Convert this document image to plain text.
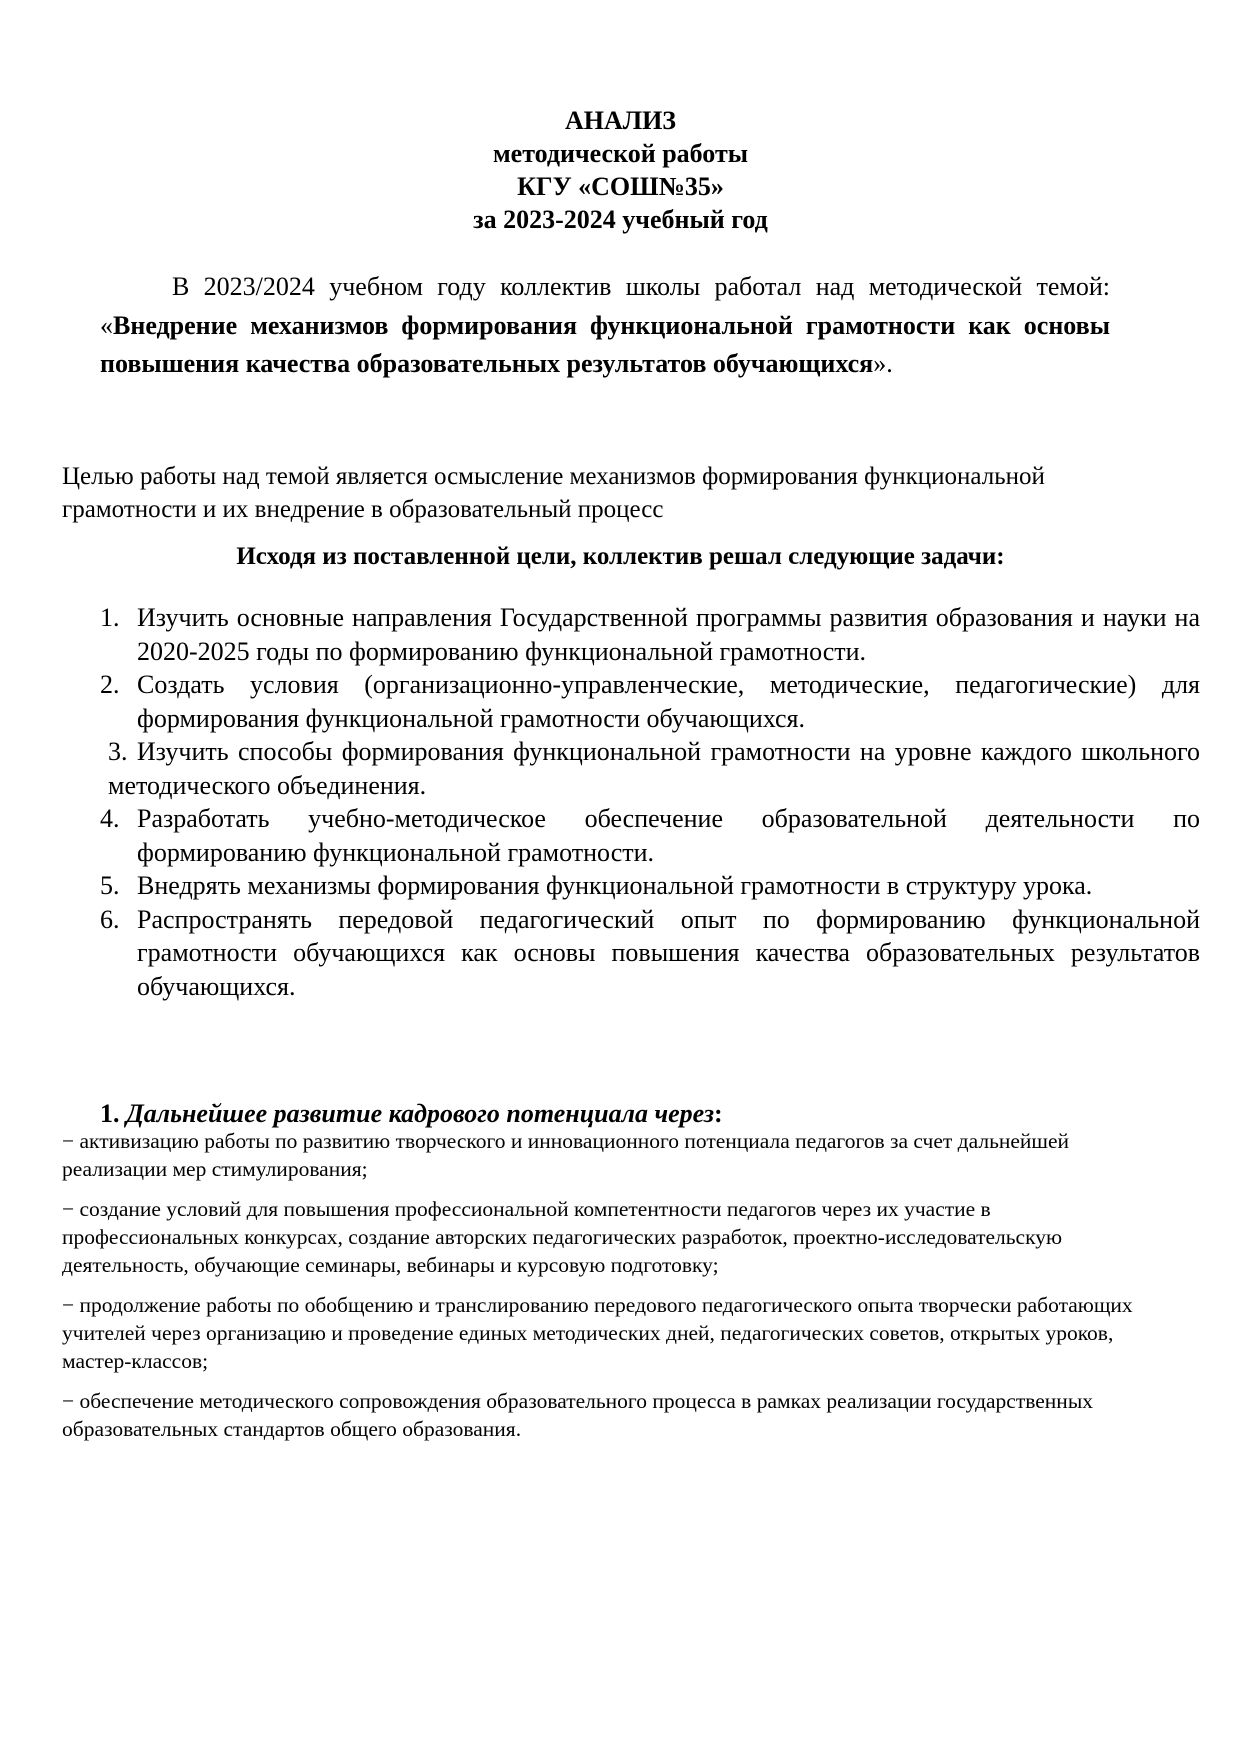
АНАЛИЗ
методической работы
КГУ «СОШ№35»
за 2023-2024 учебный год
В 2023/2024 учебном году коллектив школы работал над методической темой: «Внедрение механизмов формирования функциональной грамотности как основы повышения качества образовательных результатов обучающихся».
Целью работы над темой является осмысление механизмов формирования функциональной грамотности и их внедрение в образовательный процесс
Исходя из поставленной цели, коллектив решал следующие задачи:
1. Изучить основные направления Государственной программы развития образования и науки на 2020-2025 годы по формированию функциональной грамотности.
2. Создать условия (организационно-управленческие, методические, педагогические) для формирования функциональной грамотности обучающихся.
3. Изучить способы формирования функциональной грамотности на уровне каждого школьного методического объединения.
4. Разработать учебно-методическое обеспечение образовательной деятельности по формированию функциональной грамотности.
5. Внедрять механизмы формирования функциональной грамотности в структуру урока.
6. Распространять передовой педагогический опыт по формированию функциональной грамотности обучающихся как основы повышения качества образовательных результатов обучающихся.
1. Дальнейшее развитие кадрового потенциала через:
− активизацию работы по развитию творческого и инновационного потенциала педагогов за счет дальнейшей реализации мер стимулирования;
− создание условий для повышения профессиональной компетентности педагогов через их участие в профессиональных конкурсах, создание авторских педагогических разработок, проектно-исследовательскую деятельность, обучающие семинары, вебинары и курсовую подготовку;
− продолжение работы по обобщению и транслированию передового педагогического опыта творчески работающих учителей через организацию и проведение единых методических дней, педагогических советов, открытых уроков, мастер-классов;
− обеспечение методического сопровождения образовательного процесса в рамках реализации государственных образовательных стандартов общего образования.
